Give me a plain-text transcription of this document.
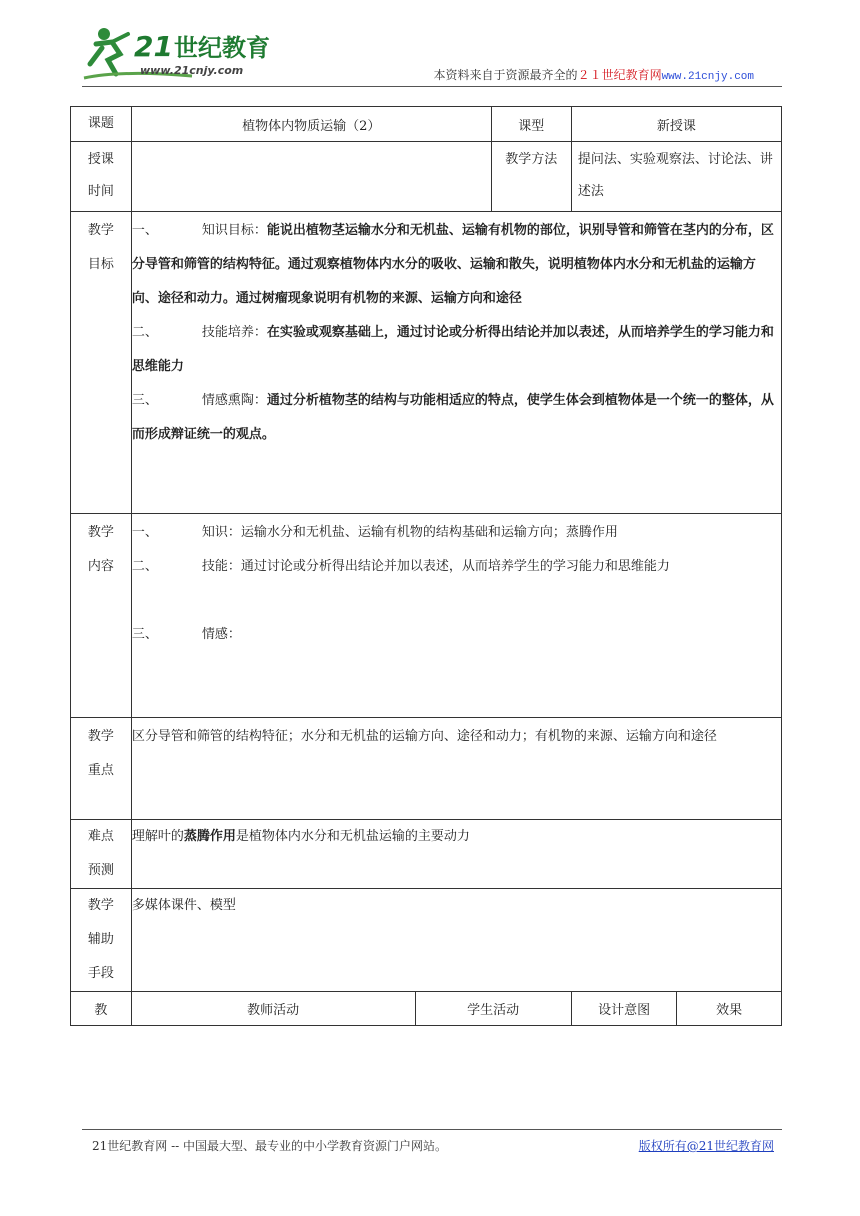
21 世纪教育
www.21cnjy.com	本资料来自于资源最齐全的２１世纪教育网www.21cnjy.com
课题	植物体内物质运输（2）		课型	新授课	

授课时间			教学方法	提问法、实验观察法、讨论法、讲述法	

教学目标	一、 知识目标：能说出植物茎运输水分和无机盐、运输有机物的部位，识别导管和筛管在茎内的分布，区分导管和筛管的结构特征。通过观察植物体内水分的吸收、运输和散失，说明植物体内水分和无机盐的运输方向、途径和动力。通过树瘤现象说明有机物的来源、运输方向和途径
二、 技能培养：在实验或观察基础上，通过讨论或分析得出结论并加以表述，从而培养学生的学习能力和思维能力
三、 情感熏陶：通过分析植物茎的结构与功能相适应的特点，使学生体会到植物体是一个统一的整体，从而形成辩证统一的观点。				

教学内容	一、 知识：运输水分和无机盐、运输有机物的结构基础和运输方向；蒸腾作用
二、 技能：通过讨论或分析得出结论并加以表述，从而培养学生的学习能力和思维能力
三、 情感：				

教学重点	区分导管和筛管的结构特征；水分和无机盐的运输方向、途径和动力；有机物的来源、运输方向和途径				

难点预测	理解叶的蒸腾作用是植物体内水分和无机盐运输的主要动力				

教学辅助手段	多媒体课件、模型				
教	教师活动	学生活动		设计意图	效果
21世纪教育网 -- 中国最大型、最专业的中小学教育资源门户网站。	版权所有@21世纪教育网
